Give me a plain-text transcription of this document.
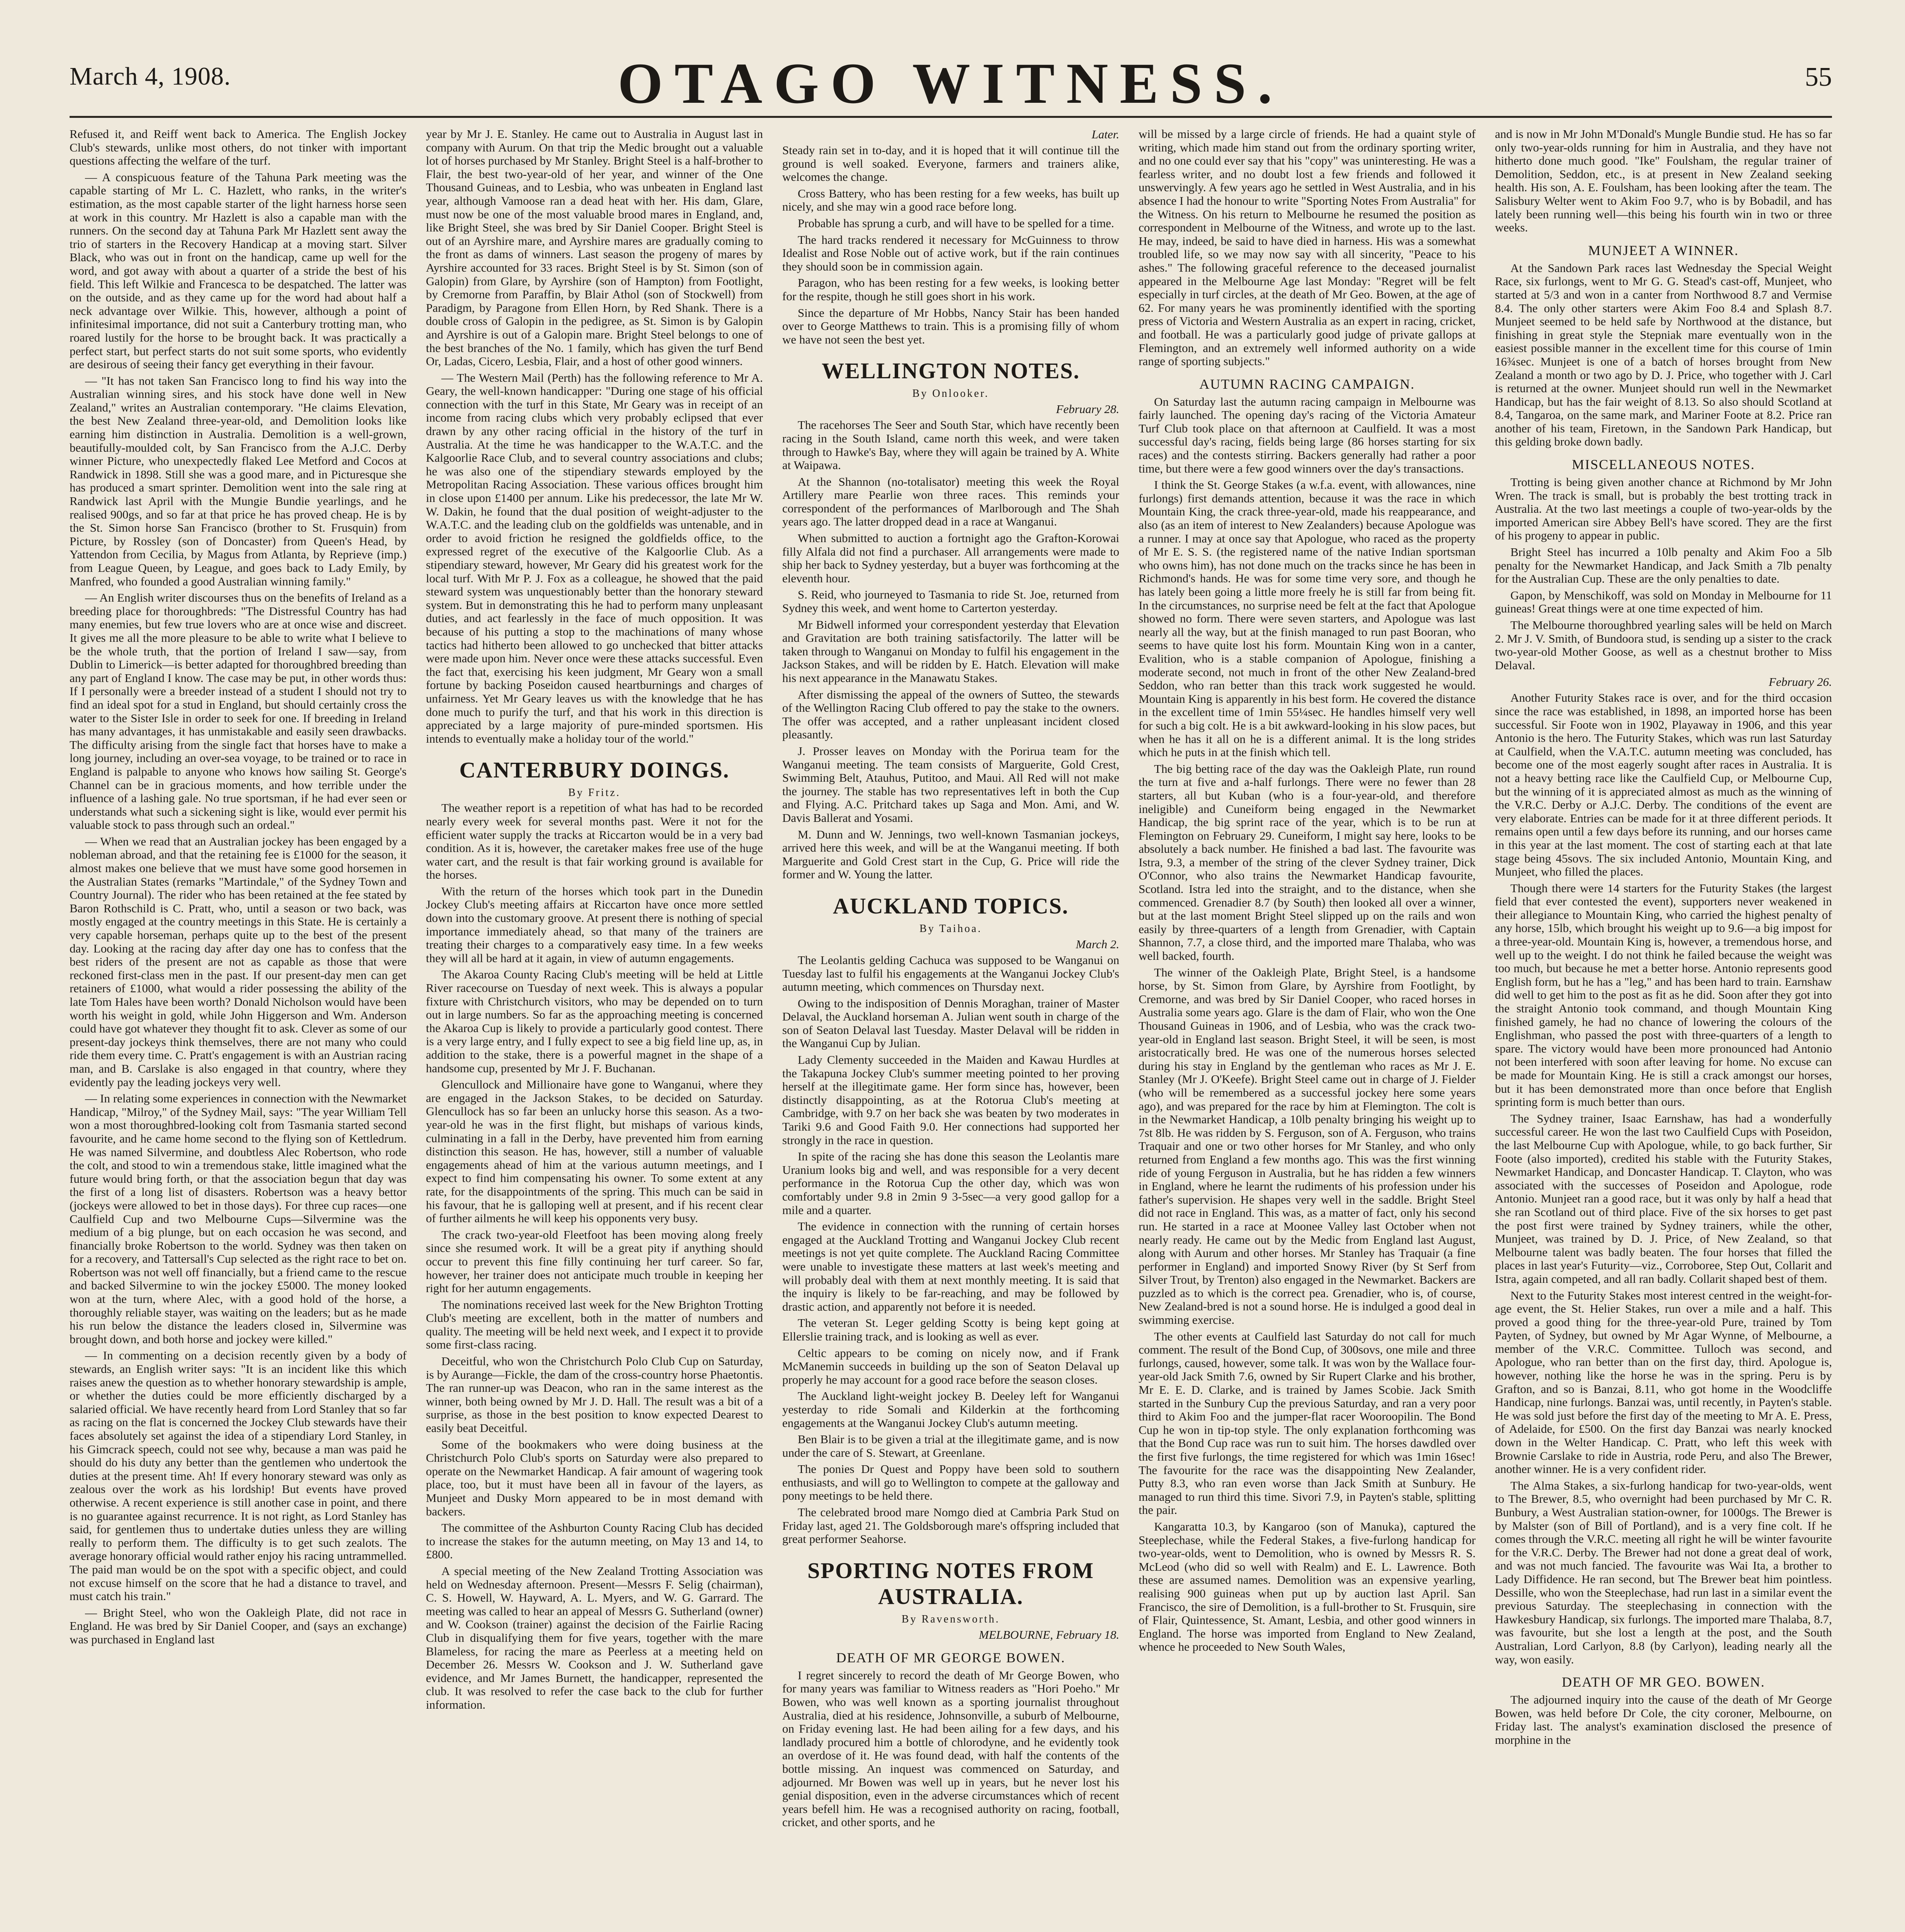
March 4, 1908.	OTAGO WITNESS.	55

Refused it, and Reiff went back to America. The English Jockey Club's stewards, unlike most others, do not tinker with important questions affecting the welfare of the turf.

— A conspicuous feature of the Tahuna Park meeting was the capable starting of Mr L. C. Hazlett, who ranks, in the writer's estimation, as the most capable starter of the light harness horse seen at work in this country. Mr Hazlett is also a capable man with the runners. On the second day at Tahuna Park Mr Hazlett sent away the trio of starters in the Recovery Handicap at a moving start. Silver Black, who was out in front on the handicap, came up well for the word, and got away with about a quarter of a stride the best of his field. This left Wilkie and Francesca to be despatched. The latter was on the outside, and as they came up for the word had about half a neck advantage over Wilkie. This, however, although a point of infinitesimal importance, did not suit a Canterbury trotting man, who roared lustily for the horse to be brought back. It was practically a perfect start, but perfect starts do not suit some sports, who evidently are desirous of seeing their fancy get everything in their favour.

— "It has not taken San Francisco long to find his way into the Australian winning sires, and his stock have done well in New Zealand," writes an Australian contemporary. "He claims Elevation, the best New Zealand three-year-old, and Demolition looks like earning him distinction in Australia. Demolition is a well-grown, beautifully-moulded colt, by San Francisco from the A.J.C. Derby winner Picture, who unexpectedly flaked Lee Metford and Cocos at Randwick in 1898. Still she was a good mare, and in Picturesque she has produced a smart sprinter. Demolition went into the sale ring at Randwick last April with the Mungie Bundie yearlings, and he realised 900gs, and so far at that price he has proved cheap. He is by the St. Simon horse San Francisco (brother to St. Frusquin) from Picture, by Rossley (son of Doncaster) from Queen's Head, by Yattendon from Cecilia, by Magus from Atlanta, by Reprieve (imp.) from League Queen, by League, and goes back to Lady Emily, by Manfred, who founded a good Australian winning family."

— An English writer discourses thus on the benefits of Ireland as a breeding place for thoroughbreds: "The Distressful Country has had many enemies, but few true lovers who are at once wise and discreet. It gives me all the more pleasure to be able to write what I believe to be the whole truth, that the portion of Ireland I saw—say, from Dublin to Limerick—is better adapted for thoroughbred breeding than any part of England I know. The case may be put, in other words thus: If I personally were a breeder instead of a student I should not try to find an ideal spot for a stud in England, but should certainly cross the water to the Sister Isle in order to seek for one. If breeding in Ireland has many advantages, it has unmistakable and easily seen drawbacks. The difficulty arising from the single fact that horses have to make a long journey, including an over-sea voyage, to be trained or to race in England is palpable to anyone who knows how sailing St. George's Channel can be in gracious moments, and how terrible under the influence of a lashing gale. No true sportsman, if he had ever seen or understands what such a sickening sight is like, would ever permit his valuable stock to pass through such an ordeal."

— When we read that an Australian jockey has been engaged by a nobleman abroad, and that the retaining fee is £1000 for the season, it almost makes one believe that we must have some good horsemen in the Australian States (remarks "Martindale," of the Sydney Town and Country Journal). The rider who has been retained at the fee stated by Baron Rothschild is C. Pratt, who, until a season or two back, was mostly engaged at the country meetings in this State. He is certainly a very capable horseman, perhaps quite up to the best of the present day. Looking at the racing day after day one has to confess that the best riders of the present are not as capable as those that were reckoned first-class men in the past. If our present-day men can get retainers of £1000, what would a rider possessing the ability of the late Tom Hales have been worth? Donald Nicholson would have been worth his weight in gold, while John Higgerson and Wm. Anderson could have got whatever they thought fit to ask. Clever as some of our present-day jockeys think themselves, there are not many who could ride them every time. C. Pratt's engagement is with an Austrian racing man, and B. Carslake is also engaged in that country, where they evidently pay the leading jockeys very well.

— In relating some experiences in connection with the Newmarket Handicap, "Milroy," of the Sydney Mail, says: "The year William Tell won a most thoroughbred-looking colt from Tasmania started second favourite, and he came home second to the flying son of Kettledrum. He was named Silvermine, and doubtless Alec Robertson, who rode the colt, and stood to win a tremendous stake, little imagined what the future would bring forth, or that the association begun that day was the first of a long list of disasters. Robertson was a heavy bettor (jockeys were allowed to bet in those days). For three cup races—one Caulfield Cup and two Melbourne Cups—Silvermine was the medium of a big plunge, but on each occasion he was second, and financially broke Robertson to the world. Sydney was then taken on for a recovery, and Tattersall's Cup selected as the right race to bet on. Robertson was not well off financially, but a friend came to the rescue and backed Silvermine to win the jockey £5000. The money looked won at the turn, where Alec, with a good hold of the horse, a thoroughly reliable stayer, was waiting on the leaders; but as he made his run below the distance the leaders closed in, Silvermine was brought down, and both horse and jockey were killed."

— In commenting on a decision recently given by a body of stewards, an English writer says: "It is an incident like this which raises anew the question as to whether honorary stewardship is ample, or whether the duties could be more efficiently discharged by a salaried official. We have recently heard from Lord Stanley that so far as racing on the flat is concerned the Jockey Club stewards have their faces absolutely set against the idea of a stipendiary Lord Stanley, in his Gimcrack speech, could not see why, because a man was paid he should do his duty any better than the gentlemen who undertook the duties at the present time. Ah! If every honorary steward was only as zealous over the work as his lordship! But events have proved otherwise. A recent experience is still another case in point, and there is no guarantee against recurrence. It is not right, as Lord Stanley has said, for gentlemen thus to undertake duties unless they are willing really to perform them. The difficulty is to get such zealots. The average honorary official would rather enjoy his racing untrammelled. The paid man would be on the spot with a specific object, and could not excuse himself on the score that he had a distance to travel, and must catch his train."

— Bright Steel, who won the Oakleigh Plate, did not race in England. He was bred by Sir Daniel Cooper, and (says an exchange) was purchased in England last

year by Mr J. E. Stanley. He came out to Australia in August last in company with Aurum. On that trip the Medic brought out a valuable lot of horses purchased by Mr Stanley. Bright Steel is a half-brother to Flair, the best two-year-old of her year, and winner of the One Thousand Guineas, and to Lesbia, who was unbeaten in England last year, although Vamoose ran a dead heat with her. His dam, Glare, must now be one of the most valuable brood mares in England, and, like Bright Steel, she was bred by Sir Daniel Cooper. Bright Steel is out of an Ayrshire mare, and Ayrshire mares are gradually coming to the front as dams of winners. Last season the progeny of mares by Ayrshire accounted for 33 races. Bright Steel is by St. Simon (son of Galopin) from Glare, by Ayrshire (son of Hampton) from Footlight, by Cremorne from Paraffin, by Blair Athol (son of Stockwell) from Paradigm, by Paragone from Ellen Horn, by Red Shank. There is a double cross of Galopin in the pedigree, as St. Simon is by Galopin and Ayrshire is out of a Galopin mare. Bright Steel belongs to one of the best branches of the No. 1 family, which has given the turf Bend Or, Ladas, Cicero, Lesbia, Flair, and a host of other good winners.

— The Western Mail (Perth) has the following reference to Mr A. Geary, the well-known handicapper: "During one stage of his official connection with the turf in this State, Mr Geary was in receipt of an income from racing clubs which very probably eclipsed that ever drawn by any other racing official in the history of the turf in Australia. At the time he was handicapper to the W.A.T.C. and the Kalgoorlie Race Club, and to several country associations and clubs; he was also one of the stipendiary stewards employed by the Metropolitan Racing Association. These various offices brought him in close upon £1400 per annum. Like his predecessor, the late Mr W. W. Dakin, he found that the dual position of weight-adjuster to the W.A.T.C. and the leading club on the goldfields was untenable, and in order to avoid friction he resigned the goldfields office, to the expressed regret of the executive of the Kalgoorlie Club. As a stipendiary steward, however, Mr Geary did his greatest work for the local turf. With Mr P. J. Fox as a colleague, he showed that the paid steward system was unquestionably better than the honorary steward system. But in demonstrating this he had to perform many unpleasant duties, and act fearlessly in the face of much opposition. It was because of his putting a stop to the machinations of many whose tactics had hitherto been allowed to go unchecked that bitter attacks were made upon him. Never once were these attacks successful. Even the fact that, exercising his keen judgment, Mr Geary won a small fortune by backing Poseidon caused heartburnings and charges of unfairness. Yet Mr Geary leaves us with the knowledge that he has done much to purify the turf, and that his work in this direction is appreciated by a large majority of pure-minded sportsmen. His intends to eventually make a holiday tour of the world."

CANTERBURY DOINGS.
By Fritz.

The weather report is a repetition of what has had to be recorded nearly every week for several months past. Were it not for the efficient water supply the tracks at Riccarton would be in a very bad condition. As it is, however, the caretaker makes free use of the huge water cart, and the result is that fair working ground is available for the horses.

With the return of the horses which took part in the Dunedin Jockey Club's meeting affairs at Riccarton have once more settled down into the customary groove. At present there is nothing of special importance immediately ahead, so that many of the trainers are treating their charges to a comparatively easy time. In a few weeks they will all be hard at it again, in view of autumn engagements.

The Akaroa County Racing Club's meeting will be held at Little River racecourse on Tuesday of next week. This is always a popular fixture with Christchurch visitors, who may be depended on to turn out in large numbers. So far as the approaching meeting is concerned the Akaroa Cup is likely to provide a particularly good contest. There is a very large entry, and I fully expect to see a big field line up, as, in addition to the stake, there is a powerful magnet in the shape of a handsome cup, presented by Mr J. F. Buchanan.

Glencullock and Millionaire have gone to Wanganui, where they are engaged in the Jackson Stakes, to be decided on Saturday. Glencullock has so far been an unlucky horse this season. As a two-year-old he was in the first flight, but mishaps of various kinds, culminating in a fall in the Derby, have prevented him from earning distinction this season. He has, however, still a number of valuable engagements ahead of him at the various autumn meetings, and I expect to find him compensating his owner. To some extent at any rate, for the disappointments of the spring. This much can be said in his favour, that he is galloping well at present, and if his recent clear of further ailments he will keep his opponents very busy.

The crack two-year-old Fleetfoot has been moving along freely since she resumed work. It will be a great pity if anything should occur to prevent this fine filly continuing her turf career. So far, however, her trainer does not anticipate much trouble in keeping her right for her autumn engagements.

The nominations received last week for the New Brighton Trotting Club's meeting are excellent, both in the matter of numbers and quality. The meeting will be held next week, and I expect it to provide some first-class racing.

Deceitful, who won the Christchurch Polo Club Cup on Saturday, is by Aurange—Fickle, the dam of the cross-country horse Phaetontis. The ran runner-up was Deacon, who ran in the same interest as the winner, both being owned by Mr J. D. Hall. The result was a bit of a surprise, as those in the best position to know expected Dearest to easily beat Deceitful.

Some of the bookmakers who were doing business at the Christchurch Polo Club's sports on Saturday were also prepared to operate on the Newmarket Handicap. A fair amount of wagering took place, too, but it must have been all in favour of the layers, as Munjeet and Dusky Morn appeared to be in most demand with backers.

The committee of the Ashburton County Racing Club has decided to increase the stakes for the autumn meeting, on May 13 and 14, to £800.

A special meeting of the New Zealand Trotting Association was held on Wednesday afternoon. Present—Messrs F. Selig (chairman), C. S. Howell, W. Hayward, A. L. Myers, and W. G. Garrard. The meeting was called to hear an appeal of Messrs G. Sutherland (owner) and W. Cookson (trainer) against the decision of the Fairlie Racing Club in disqualifying them for five years, together with the mare Blameless, for racing the mare as Peerless at a meeting held on December 26. Messrs W. Cookson and J. W. Sutherland gave evidence, and Mr James Burnett, the handicapper, represented the club. It was resolved to refer the case back to the club for further information.

Later.

Steady rain set in to-day, and it is hoped that it will continue till the ground is well soaked. Everyone, farmers and trainers alike, welcomes the change.

Cross Battery, who has been resting for a few weeks, has built up nicely, and she may win a good race before long.

Probable has sprung a curb, and will have to be spelled for a time.

The hard tracks rendered it necessary for McGuinness to throw Idealist and Rose Noble out of active work, but if the rain continues they should soon be in commission again.

Paragon, who has been resting for a few weeks, is looking better for the respite, though he still goes short in his work.

Since the departure of Mr Hobbs, Nancy Stair has been handed over to George Matthews to train. This is a promising filly of whom we have not seen the best yet.

WELLINGTON NOTES.
By Onlooker.
February 28.

The racehorses The Seer and South Star, which have recently been racing in the South Island, came north this week, and were taken through to Hawke's Bay, where they will again be trained by A. White at Waipawa.

At the Shannon (no-totalisator) meeting this week the Royal Artillery mare Pearlie won three races. This reminds your correspondent of the performances of Marlborough and The Shah years ago. The latter dropped dead in a race at Wanganui.

When submitted to auction a fortnight ago the Grafton-Korowai filly Alfala did not find a purchaser. All arrangements were made to ship her back to Sydney yesterday, but a buyer was forthcoming at the eleventh hour.

S. Reid, who journeyed to Tasmania to ride St. Joe, returned from Sydney this week, and went home to Carterton yesterday.

Mr Bidwell informed your correspondent yesterday that Elevation and Gravitation are both training satisfactorily. The latter will be taken through to Wanganui on Monday to fulfil his engagement in the Jackson Stakes, and will be ridden by E. Hatch. Elevation will make his next appearance in the Manawatu Stakes.

After dismissing the appeal of the owners of Sutteo, the stewards of the Wellington Racing Club offered to pay the stake to the owners. The offer was accepted, and a rather unpleasant incident closed pleasantly.

J. Prosser leaves on Monday with the Porirua team for the Wanganui meeting. The team consists of Marguerite, Gold Crest, Swimming Belt, Atauhus, Putitoo, and Maui. All Red will not make the journey. The stable has two representatives left in both the Cup and Flying. A.C. Pritchard takes up Saga and Mon. Ami, and W. Davis Ballerat and Yosami.

M. Dunn and W. Jennings, two well-known Tasmanian jockeys, arrived here this week, and will be at the Wanganui meeting. If both Marguerite and Gold Crest start in the Cup, G. Price will ride the former and W. Young the latter.

AUCKLAND TOPICS.
By Taihoa.
March 2.

The Leolantis gelding Cachuca was supposed to be Wanganui on Tuesday last to fulfil his engagements at the Wanganui Jockey Club's autumn meeting, which commences on Thursday next.

Owing to the indisposition of Dennis Moraghan, trainer of Master Delaval, the Auckland horseman A. Julian went south in charge of the son of Seaton Delaval last Tuesday. Master Delaval will be ridden in the Wanganui Cup by Julian.

Lady Clementy succeeded in the Maiden and Kawau Hurdles at the Takapuna Jockey Club's summer meeting pointed to her proving herself at the illegitimate game. Her form since has, however, been distinctly disappointing, as at the Rotorua Club's meeting at Cambridge, with 9.7 on her back she was beaten by two moderates in Tariki 9.6 and Good Faith 9.0. Her connections had supported her strongly in the race in question.

In spite of the racing she has done this season the Leolantis mare Uranium looks big and well, and was responsible for a very decent performance in the Rotorua Cup the other day, which was won comfortably under 9.8 in 2min 9 3-5sec—a very good gallop for a mile and a quarter.

The evidence in connection with the running of certain horses engaged at the Auckland Trotting and Wanganui Jockey Club recent meetings is not yet quite complete. The Auckland Racing Committee were unable to investigate these matters at last week's meeting and will probably deal with them at next monthly meeting. It is said that the inquiry is likely to be far-reaching, and may be followed by drastic action, and apparently not before it is needed.

The veteran St. Leger gelding Scotty is being kept going at Ellerslie training track, and is looking as well as ever.

Celtic appears to be coming on nicely now, and if Frank McManemin succeeds in building up the son of Seaton Delaval up properly he may account for a good race before the season closes.

The Auckland light-weight jockey B. Deeley left for Wanganui yesterday to ride Somali and Kilderkin at the forthcoming engagements at the Wanganui Jockey Club's autumn meeting.

Ben Blair is to be given a trial at the illegitimate game, and is now under the care of S. Stewart, at Greenlane.

The ponies Dr Quest and Poppy have been sold to southern enthusiasts, and will go to Wellington to compete at the galloway and pony meetings to be held there.

The celebrated brood mare Nomgo died at Cambria Park Stud on Friday last, aged 21. The Goldsborough mare's offspring included that great performer Seahorse.

SPORTING NOTES FROM AUSTRALIA.
By Ravensworth.
MELBOURNE, February 18.
DEATH OF MR GEORGE BOWEN.

I regret sincerely to record the death of Mr George Bowen, who for many years was familiar to Witness readers as "Hori Poeho." Mr Bowen, who was well known as a sporting journalist throughout Australia, died at his residence, Johnsonville, a suburb of Melbourne, on Friday evening last. He had been ailing for a few days, and his landlady procured him a bottle of chlorodyne, and he evidently took an overdose of it. He was found dead, with half the contents of the bottle missing. An inquest was commenced on Saturday, and adjourned. Mr Bowen was well up in years, but he never lost his genial disposition, even in the adverse circumstances which of recent years befell him. He was a recognised authority on racing, football, cricket, and other sports, and he

will be missed by a large circle of friends. He had a quaint style of writing, which made him stand out from the ordinary sporting writer, and no one could ever say that his "copy" was uninteresting. He was a fearless writer, and no doubt lost a few friends and followed it unswervingly. A few years ago he settled in West Australia, and in his absence I had the honour to write "Sporting Notes From Australia" for the Witness. On his return to Melbourne he resumed the position as correspondent in Melbourne of the Witness, and wrote up to the last. He may, indeed, be said to have died in harness. His was a somewhat troubled life, so we may now say with all sincerity, "Peace to his ashes." The following graceful reference to the deceased journalist appeared in the Melbourne Age last Monday: "Regret will be felt especially in turf circles, at the death of Mr Geo. Bowen, at the age of 62. For many years he was prominently identified with the sporting press of Victoria and Western Australia as an expert in racing, cricket, and football. He was a particularly good judge of private gallops at Flemington, and an extremely well informed authority on a wide range of sporting subjects."

AUTUMN RACING CAMPAIGN.

On Saturday last the autumn racing campaign in Melbourne was fairly launched. The opening day's racing of the Victoria Amateur Turf Club took place on that afternoon at Caulfield. It was a most successful day's racing, fields being large (86 horses starting for six races) and the contests stirring. Backers generally had rather a poor time, but there were a few good winners over the day's transactions.

I think the St. George Stakes (a w.f.a. event, with allowances, nine furlongs) first demands attention, because it was the race in which Mountain King, the crack three-year-old, made his reappearance, and also (as an item of interest to New Zealanders) because Apologue was a runner. I may at once say that Apologue, who raced as the property of Mr E. S. S. (the registered name of the native Indian sportsman who owns him), has not done much on the tracks since he has been in Richmond's hands. He was for some time very sore, and though he has lately been going a little more freely he is still far from being fit. In the circumstances, no surprise need be felt at the fact that Apologue showed no form. There were seven starters, and Apologue was last nearly all the way, but at the finish managed to run past Booran, who seems to have quite lost his form. Mountain King won in a canter, Evalition, who is a stable companion of Apologue, finishing a moderate second, not much in front of the other New Zealand-bred Seddon, who ran better than this track work suggested he would. Mountain King is apparently in his best form. He covered the distance in the excellent time of 1min 55¼sec. He handles himself very well for such a big colt. He is a bit awkward-looking in his slow paces, but when he has it all on he is a different animal. It is the long strides which he puts in at the finish which tell.

The big betting race of the day was the Oakleigh Plate, run round the turn at five and a-half furlongs. There were no fewer than 28 starters, all but Kuban (who is a four-year-old, and therefore ineligible) and Cuneiform being engaged in the Newmarket Handicap, the big sprint race of the year, which is to be run at Flemington on February 29. Cuneiform, I might say here, looks to be absolutely a back number. He finished a bad last. The favourite was Istra, 9.3, a member of the string of the clever Sydney trainer, Dick O'Connor, who also trains the Newmarket Handicap favourite, Scotland. Istra led into the straight, and to the distance, when she commenced. Grenadier 8.7 (by South) then looked all over a winner, but at the last moment Bright Steel slipped up on the rails and won easily by three-quarters of a length from Grenadier, with Captain Shannon, 7.7, a close third, and the imported mare Thalaba, who was well backed, fourth.

The winner of the Oakleigh Plate, Bright Steel, is a handsome horse, by St. Simon from Glare, by Ayrshire from Footlight, by Cremorne, and was bred by Sir Daniel Cooper, who raced horses in Australia some years ago. Glare is the dam of Flair, who won the One Thousand Guineas in 1906, and of Lesbia, who was the crack two-year-old in England last season. Bright Steel, it will be seen, is most aristocratically bred. He was one of the numerous horses selected during his stay in England by the gentleman who races as Mr J. E. Stanley (Mr J. O'Keefe). Bright Steel came out in charge of J. Fielder (who will be remembered as a successful jockey here some years ago), and was prepared for the race by him at Flemington. The colt is in the Newmarket Handicap, a 10lb penalty bringing his weight up to 7st 8lb. He was ridden by S. Ferguson, son of A. Ferguson, who trains Traquair and one or two other horses for Mr Stanley, and who only returned from England a few months ago. This was the first winning ride of young Ferguson in Australia, but he has ridden a few winners in England, where he learnt the rudiments of his profession under his father's supervision. He shapes very well in the saddle. Bright Steel did not race in England. This was, as a matter of fact, only his second run. He started in a race at Moonee Valley last October when not nearly ready. He came out by the Medic from England last August, along with Aurum and other horses. Mr Stanley has Traquair (a fine performer in England) and imported Snowy River (by St Serf from Silver Trout, by Trenton) also engaged in the Newmarket. Backers are puzzled as to which is the correct pea. Grenadier, who is, of course, New Zealand-bred is not a sound horse. He is indulged a good deal in swimming exercise.

The other events at Caulfield last Saturday do not call for much comment. The result of the Bond Cup, of 300sovs, one mile and three furlongs, caused, however, some talk. It was won by the Wallace four-year-old Jack Smith 7.6, owned by Sir Rupert Clarke and his brother, Mr E. E. D. Clarke, and is trained by James Scobie. Jack Smith started in the Sunbury Cup the previous Saturday, and ran a very poor third to Akim Foo and the jumper-flat racer Wooroopilin. The Bond Cup he won in tip-top style. The only explanation forthcoming was that the Bond Cup race was run to suit him. The horses dawdled over the first five furlongs, the time registered for which was 1min 16sec! The favourite for the race was the disappointing New Zealander, Putty 8.3, who ran even worse than Jack Smith at Sunbury. He managed to run third this time. Sivori 7.9, in Payten's stable, splitting the pair.

Kangaratta 10.3, by Kangaroo (son of Manuka), captured the Steeplechase, while the Federal Stakes, a five-furlong handicap for two-year-olds, went to Demolition, who is owned by Messrs R. S. McLeod (who did so well with Realm) and E. L. Lawrence. Both these are assumed names. Demolition was an expensive yearling, realising 900 guineas when put up by auction last April. San Francisco, the sire of Demolition, is a full-brother to St. Frusquin, sire of Flair, Quintessence, St. Amant, Lesbia, and other good winners in England. The horse was imported from England to New Zealand, whence he proceeded to New South Wales,

and is now in Mr John M'Donald's Mungle Bundie stud. He has so far only two-year-olds running for him in Australia, and they have not hitherto done much good. "Ike" Foulsham, the regular trainer of Demolition, Seddon, etc., is at present in New Zealand seeking health. His son, A. E. Foulsham, has been looking after the team. The Salisbury Welter went to Akim Foo 9.7, who is by Bobadil, and has lately been running well—this being his fourth win in two or three weeks.

MUNJEET A WINNER.

At the Sandown Park races last Wednesday the Special Weight Race, six furlongs, went to Mr G. G. Stead's cast-off, Munjeet, who started at 5/3 and won in a canter from Northwood 8.7 and Vermise 8.4. The only other starters were Akim Foo 8.4 and Splash 8.7. Munjeet seemed to be held safe by Northwood at the distance, but finishing in great style the Stepniak mare eventually won in the easiest possible manner in the excellent time for this course of 1min 16¾sec. Munjeet is one of a batch of horses brought from New Zealand a month or two ago by D. J. Price, who together with J. Carl is returned at the owner. Munjeet should run well in the Newmarket Handicap, but has the fair weight of 8.13. So also should Scotland at 8.4, Tangaroa, on the same mark, and Mariner Foote at 8.2. Price ran another of his team, Firetown, in the Sandown Park Handicap, but this gelding broke down badly.

MISCELLANEOUS NOTES.

Trotting is being given another chance at Richmond by Mr John Wren. The track is small, but is probably the best trotting track in Australia. At the two last meetings a couple of two-year-olds by the imported American sire Abbey Bell's have scored. They are the first of his progeny to appear in public.

Bright Steel has incurred a 10lb penalty and Akim Foo a 5lb penalty for the Newmarket Handicap, and Jack Smith a 7lb penalty for the Australian Cup. These are the only penalties to date.

Gapon, by Menschikoff, was sold on Monday in Melbourne for 11 guineas! Great things were at one time expected of him.

The Melbourne thoroughbred yearling sales will be held on March 2. Mr J. V. Smith, of Bundoora stud, is sending up a sister to the crack two-year-old Mother Goose, as well as a chestnut brother to Miss Delaval.

February 26.

Another Futurity Stakes race is over, and for the third occasion since the race was established, in 1898, an imported horse has been successful. Sir Foote won in 1902, Playaway in 1906, and this year Antonio is the hero. The Futurity Stakes, which was run last Saturday at Caulfield, when the V.A.T.C. autumn meeting was concluded, has become one of the most eagerly sought after races in Australia. It is not a heavy betting race like the Caulfield Cup, or Melbourne Cup, but the winning of it is appreciated almost as much as the winning of the V.R.C. Derby or A.J.C. Derby. The conditions of the event are very elaborate. Entries can be made for it at three different periods. It remains open until a few days before its running, and our horses came in this year at the last moment. The cost of starting each at that late stage being 45sovs. The six included Antonio, Mountain King, and Munjeet, who filled the places.

Though there were 14 starters for the Futurity Stakes (the largest field that ever contested the event), supporters never weakened in their allegiance to Mountain King, who carried the highest penalty of any horse, 15lb, which brought his weight up to 9.6—a big impost for a three-year-old. Mountain King is, however, a tremendous horse, and well up to the weight. I do not think he failed because the weight was too much, but because he met a better horse. Antonio represents good English form, but he has a "leg," and has been hard to train. Earnshaw did well to get him to the post as fit as he did. Soon after they got into the straight Antonio took command, and though Mountain King finished gamely, he had no chance of lowering the colours of the Englishman, who passed the post with three-quarters of a length to spare. The victory would have been more pronounced had Antonio not been interfered with soon after leaving for home. No excuse can be made for Mountain King. He is still a crack amongst our horses, but it has been demonstrated more than once before that English sprinting form is much better than ours.

The Sydney trainer, Isaac Earnshaw, has had a wonderfully successful career. He won the last two Caulfield Cups with Poseidon, the last Melbourne Cup with Apologue, while, to go back further, Sir Foote (also imported), credited his stable with the Futurity Stakes, Newmarket Handicap, and Doncaster Handicap. T. Clayton, who was associated with the successes of Poseidon and Apologue, rode Antonio. Munjeet ran a good race, but it was only by half a head that she ran Scotland out of third place. Five of the six horses to get past the post first were trained by Sydney trainers, while the other, Munjeet, was trained by D. J. Price, of New Zealand, so that Melbourne talent was badly beaten. The four horses that filled the places in last year's Futurity—viz., Corroboree, Step Out, Collarit and Istra, again competed, and all ran badly. Collarit shaped best of them.

Next to the Futurity Stakes most interest centred in the weight-for-age event, the St. Helier Stakes, run over a mile and a half. This proved a good thing for the three-year-old Pure, trained by Tom Payten, of Sydney, but owned by Mr Agar Wynne, of Melbourne, a member of the V.R.C. Committee. Tulloch was second, and Apologue, who ran better than on the first day, third. Apologue is, however, nothing like the horse he was in the spring. Peru is by Grafton, and so is Banzai, 8.11, who got home in the Woodcliffe Handicap, nine furlongs. Banzai was, until recently, in Payten's stable. He was sold just before the first day of the meeting to Mr A. E. Press, of Adelaide, for £500. On the first day Banzai was nearly knocked down in the Welter Handicap. C. Pratt, who left this week with Brownie Carslake to ride in Austria, rode Peru, and also The Brewer, another winner. He is a very confident rider.

The Alma Stakes, a six-furlong handicap for two-year-olds, went to The Brewer, 8.5, who overnight had been purchased by Mr C. R. Bunbury, a West Australian station-owner, for 1000gs. The Brewer is by Malster (son of Bill of Portland), and is a very fine colt. If he comes through the V.R.C. meeting all right he will be winter favourite for the V.R.C. Derby. The Brewer had not done a great deal of work, and was not much fancied. The favourite was Wai Ita, a brother to Lady Diffidence. He ran second, but The Brewer beat him pointless. Dessille, who won the Steeplechase, had run last in a similar event the previous Saturday. The steeplechasing in connection with the Hawkesbury Handicap, six furlongs. The imported mare Thalaba, 8.7, was favourite, but she lost a length at the post, and the South Australian, Lord Carlyon, 8.8 (by Carlyon), leading nearly all the way, won easily.

DEATH OF MR GEO. BOWEN.

The adjourned inquiry into the cause of the death of Mr George Bowen, was held before Dr Cole, the city coroner, Melbourne, on Friday last. The analyst's examination disclosed the presence of morphine in the
